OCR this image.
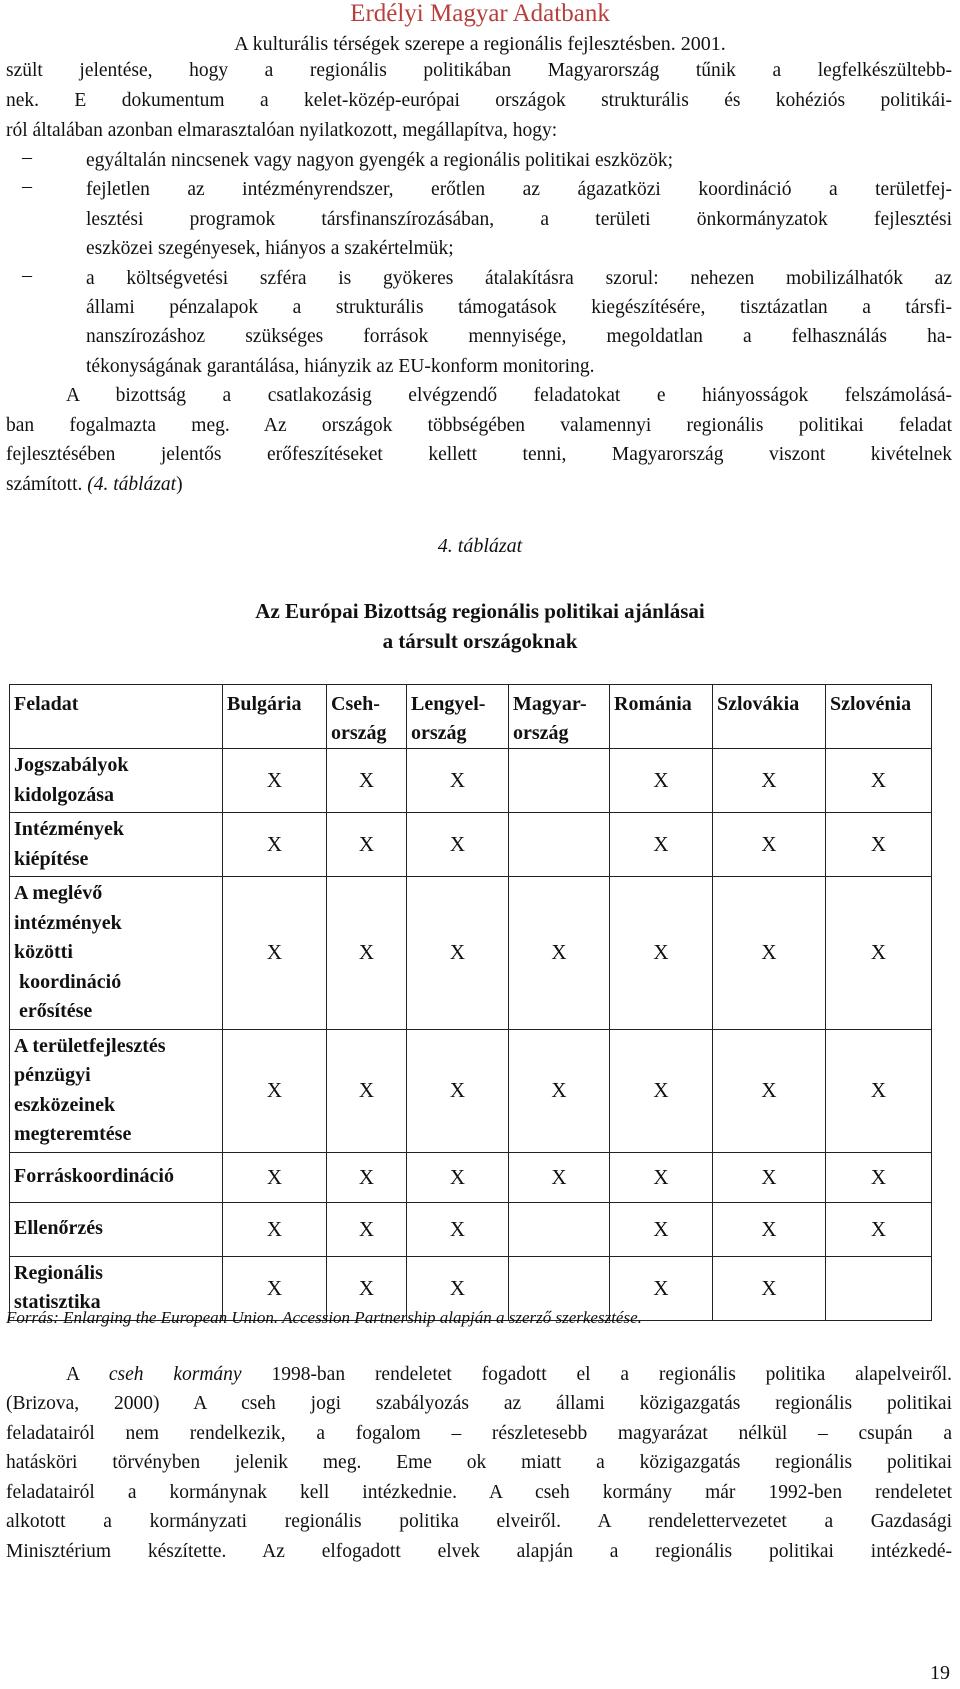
Erdélyi Magyar Adatbank
A kulturális térségek szerepe a regionális fejlesztésben. 2001.
szült jelentése, hogy a regionális politikában Magyarország tűnik a legfelkészültebb-
nek. E dokumentum a kelet-közép-európai országok strukturális és kohéziós politikái-
ról általában azonban elmarasztalóan nyilatkozott, megállapítva, hogy:
–	egyáltalán nincsenek vagy nagyon gyengék a regionális politikai eszközök;
–	fejletlen az intézményrendszer, erőtlen az ágazatközi koordináció a területfej-
lesztési programok társfinanszírozásában, a területi önkormányzatok fejlesztési
eszközei szegényesek, hiányos a szakértelmük;
–	a költségvetési szféra is gyökeres átalakításra szorul: nehezen mobilizálhatók az
állami pénzalapok a strukturális támogatások kiegészítésére, tisztázatlan a társfi-
nanszírozáshoz szükséges források mennyisége, megoldatlan a felhasználás ha-
tékonyságának garantálása, hiányzik az EU-konform monitoring.
A bizottság a csatlakozásig elvégzendő feladatokat e hiányosságok felszámolásá-
ban fogalmazta meg. Az országok többségében valamennyi regionális politikai feladat
fejlesztésében jelentős erőfeszítéseket kellett tenni, Magyarország viszont kivételnek
számított. (4. táblázat)
4. táblázat
Az Európai Bizottság regionális politikai ajánlásai
a társult országoknak
Feladat	Bulgária	Cseh-
ország	Lengyel-
ország	Magyar-
ország	Románia	Szlovákia	Szlovénia

Jogszabályok
kidolgozása	X	X	X		X	X	X

Intézmények
kiépítése	X	X	X		X	X	X

A meglévő
intézmények
közötti
koordináció
erősítése	X	X	X	X	X	X	X

A területfejlesztés
pénzügyi
eszközeinek
megteremtése	X	X	X	X	X	X	X

Forráskoordináció	X	X	X	X	X	X	X

Ellenőrzés	X	X	X		X	X	X

Regionális
statisztika	X	X	X		X	X	
Forrás: Enlarging the European Union. Accession Partnership alapján a szerző szerkesztése.
A cseh kormány 1998-ban rendeletet fogadott el a regionális politika alapelveiről.
(Brizova, 2000) A cseh jogi szabályozás az állami közigazgatás regionális politikai
feladatairól nem rendelkezik, a fogalom – részletesebb magyarázat nélkül – csupán a
hatásköri törvényben jelenik meg. Eme ok miatt a közigazgatás regionális politikai
feladatairól a kormánynak kell intézkednie. A cseh kormány már 1992-ben rendeletet
alkotott a kormányzati regionális politika elveiről. A rendelettervezetet a Gazdasági
Minisztérium készítette. Az elfogadott elvek alapján a regionális politikai intézkedé-
19
